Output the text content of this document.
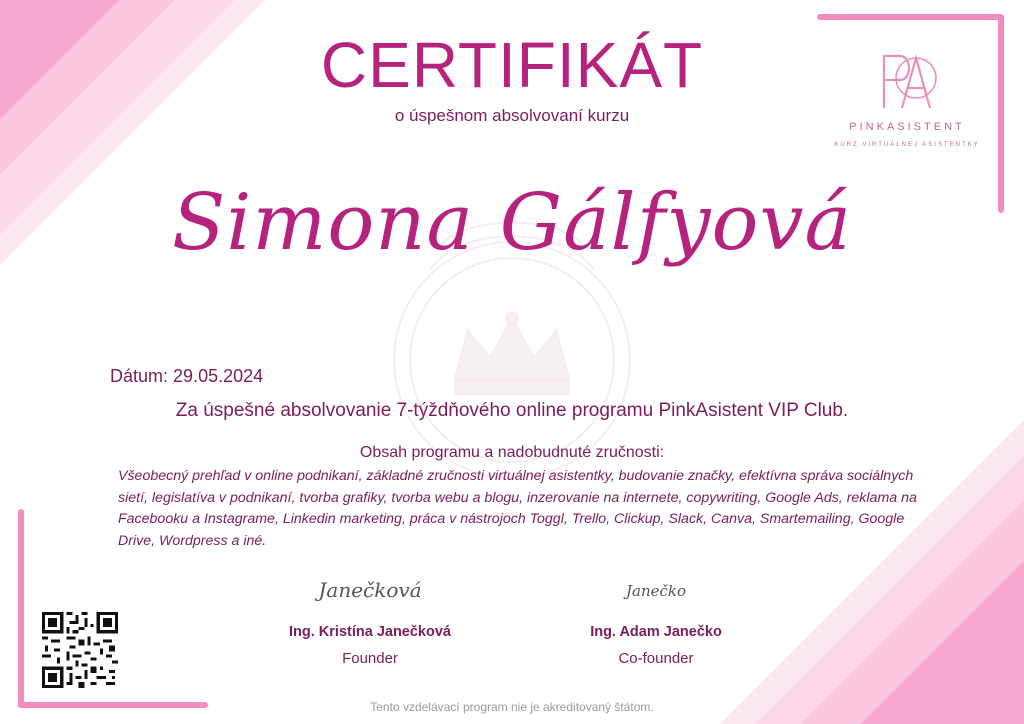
CERTIFIKÁT
o úspešnom absolvovaní kurzu
Simona Gálfyová
Dátum: 29.05.2024
Za úspešné absolvovanie 7-týždňového online programu PinkAsistent VIP Club.
Obsah programu a nadobudnuté zručnosti:
Všeobecný prehľad v online podnikaní, základné zručnosti virtuálnej asistentky, budovanie značky, efektívna správa sociálnych sietí, legislatíva v podnikaní, tvorba grafiky, tvorba webu a blogu, inzerovanie na internete, copywriting, Google Ads, reklama na Facebooku a Instagrame, Linkedin marketing, práca v nástrojoch Toggl, Trello, Clickup, Slack, Canva, Smartemailing, Google Drive, Wordpress a iné.
PINKASISTENT
KURZ VIRTUÁLNEJ ASISTENTKY
Janečková
Ing. Kristína Janečková
Founder
Janečko
Ing. Adam Janečko
Co-founder
Tento vzdelávací program nie je akreditovaný štátom.
